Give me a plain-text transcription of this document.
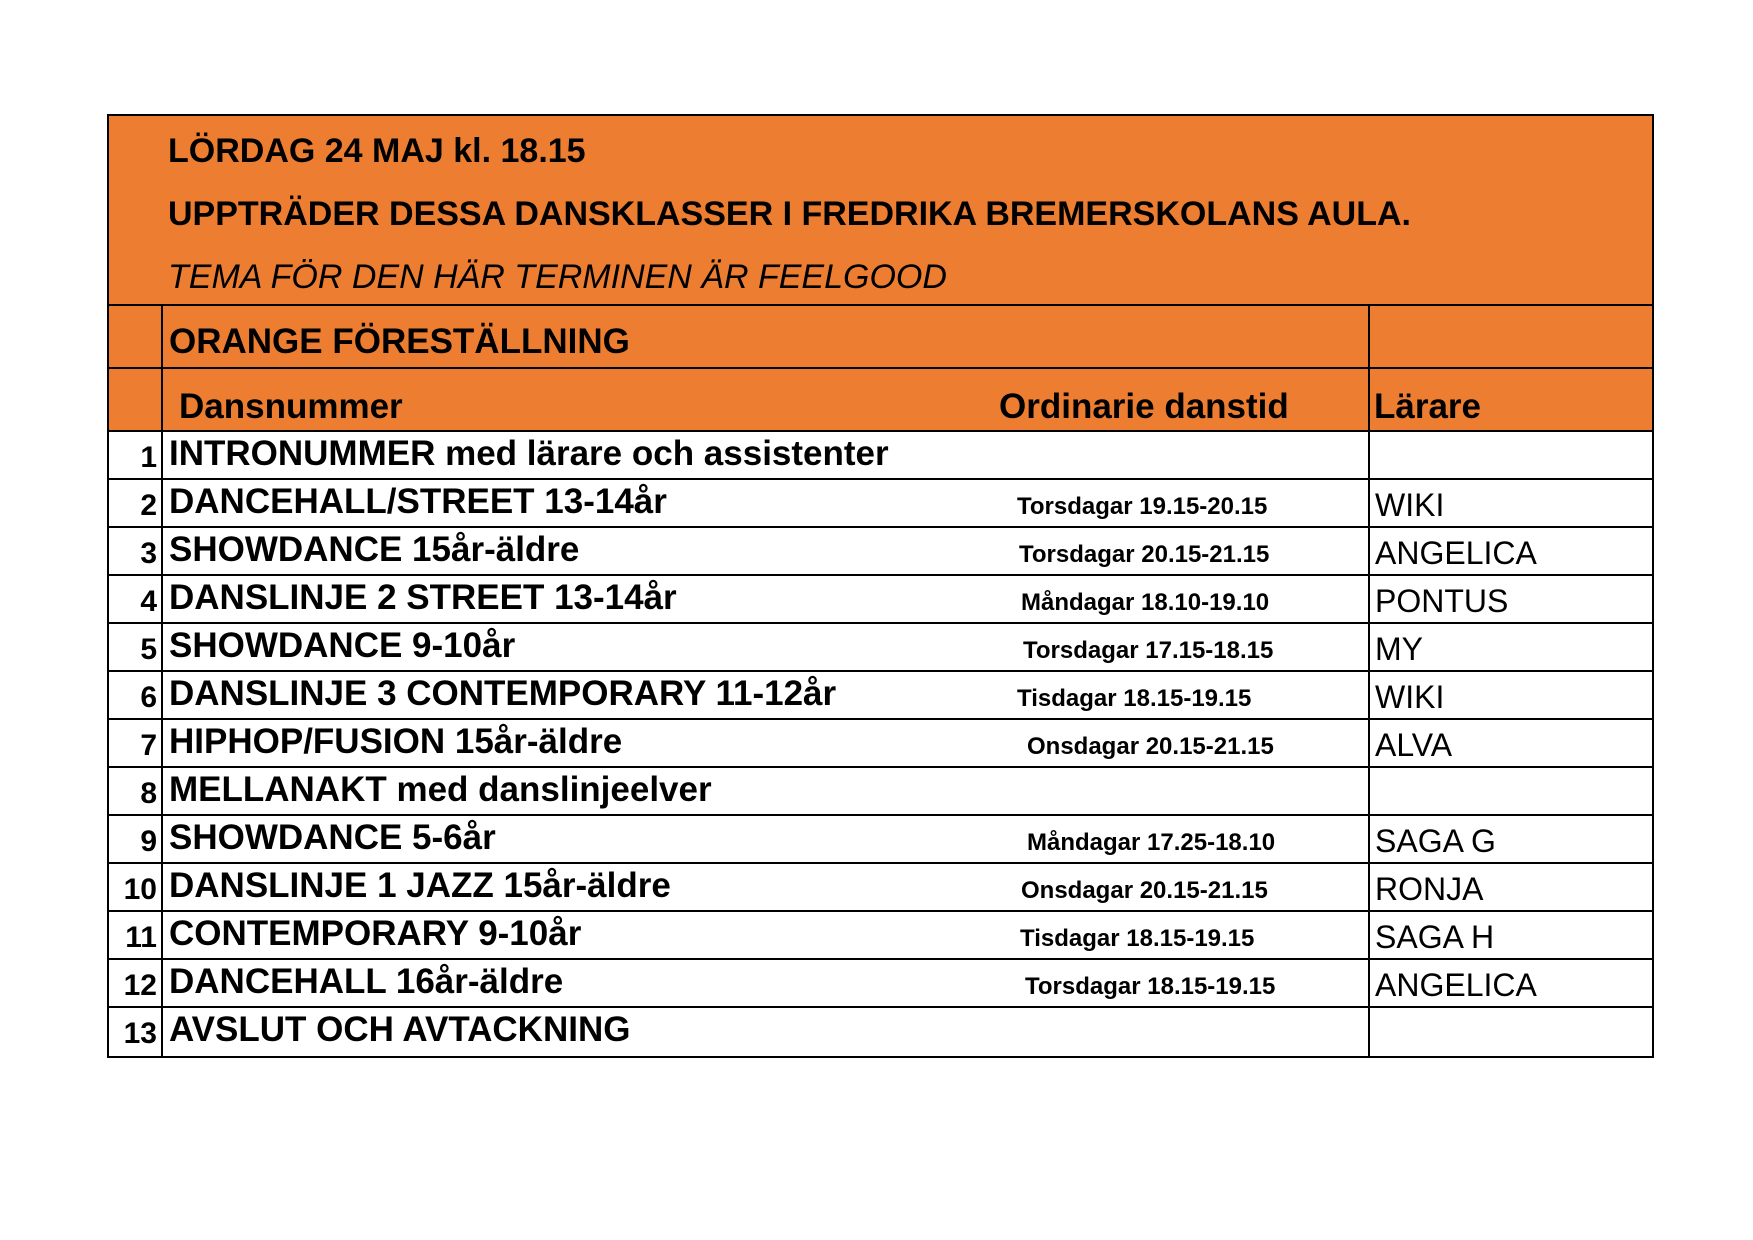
LÖRDAG 24 MAJ kl. 18.15
UPPTRÄDER DESSA DANSKLASSER I FREDRIKA BREMERSKOLANS AULA.
TEMA FÖR DEN HÄR TERMINEN ÄR FEELGOOD
ORANGE FÖRESTÄLLNING
Dansnummer	Ordinarie danstid Lärare
1 INTRONUMMER med lärare och assistenter
2 DANCEHALL/STREET 13-14år	Torsdagar 19.15-20.15	WIKI
3 SHOWDANCE 15år-äldre	Torsdagar 20.15-21.15	ANGELICA
4 DANSLINJE 2 STREET 13-14år	Måndagar 18.10-19.10	PONTUS
5 SHOWDANCE 9-10år	Torsdagar 17.15-18.15	MY
6 DANSLINJE 3 CONTEMPORARY 11-12år	Tisdagar 18.15-19.15	WIKI
7 HIPHOP/FUSION 15år-äldre	Onsdagar 20.15-21.15	ALVA
8 MELLANAKT med danslinjeelver
9 SHOWDANCE 5-6år	Måndagar 17.25-18.10	SAGA G
10 DANSLINJE 1 JAZZ 15år-äldre	Onsdagar 20.15-21.15	RONJA
11 CONTEMPORARY 9-10år	Tisdagar 18.15-19.15	SAGA H
12 DANCEHALL 16år-äldre	Torsdagar 18.15-19.15	ANGELICA
13 AVSLUT OCH AVTACKNING
